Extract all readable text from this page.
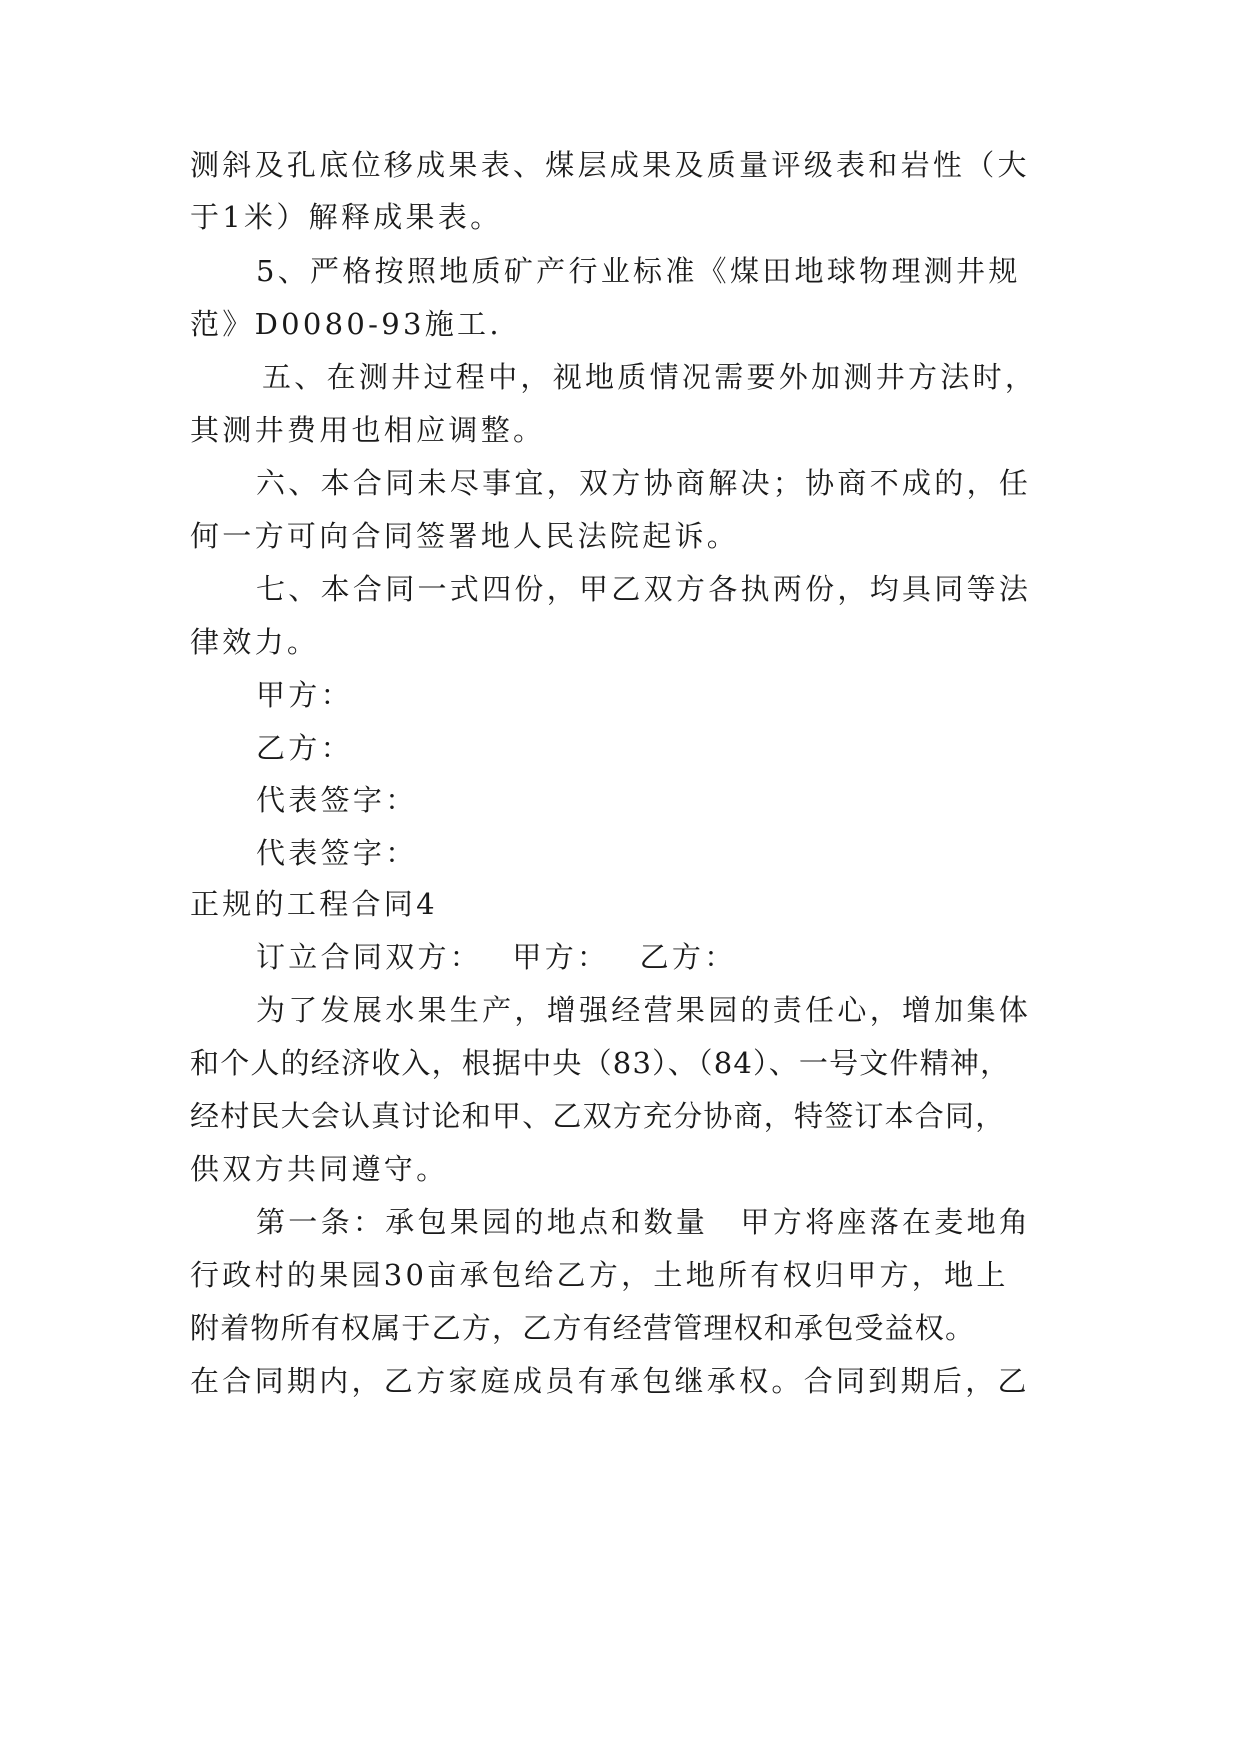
测斜及孔底位移成果表、煤层成果及质量评级表和岩性（大
于1米）解释成果表。
5、严格按照地质矿产行业标准《煤田地球物理测井规
范》D0080-93施工.
五、在测井过程中，视地质情况需要外加测井方法时，
其测井费用也相应调整。
六、本合同未尽事宜，双方协商解决；协商不成的，任
何一方可向合同签署地人民法院起诉。
七、本合同一式四份，甲乙双方各执两份，均具同等法
律效力。
甲方：
乙方：
代表签字：
代表签字：
正规的工程合同4
订立合同双方：　 甲方：　 乙方：
为了发展水果生产，增强经营果园的责任心，增加集体
和个人的经济收入，根据中央（83）、（84）、一号文件精神，
经村民大会认真讨论和甲、乙双方充分协商，特签订本合同，
供双方共同遵守。
第一条：承包果园的地点和数量　甲方将座落在麦地角
行政村的果园30亩承包给乙方，土地所有权归甲方，地上
附着物所有权属于乙方，乙方有经营管理权和承包受益权。
在合同期内，乙方家庭成员有承包继承权。合同到期后，乙
